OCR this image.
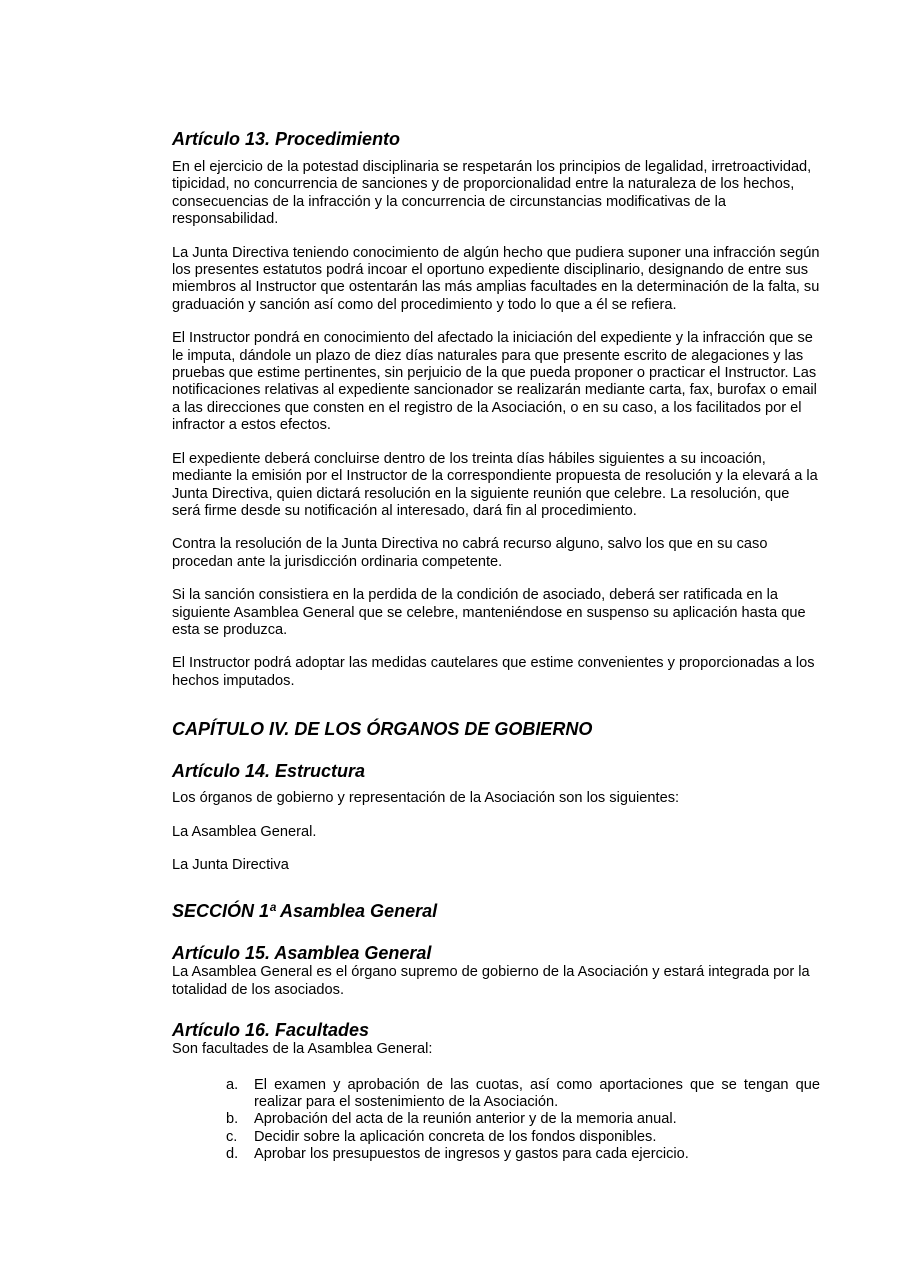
Artículo 13. Procedimiento

En el ejercicio de la potestad disciplinaria se respetarán los principios de legalidad, irretroactividad, tipicidad, no concurrencia de sanciones y de proporcionalidad entre la naturaleza de los hechos, consecuencias de la infracción y la concurrencia de circunstancias modificativas de la responsabilidad.

La Junta Directiva teniendo conocimiento de algún hecho que pudiera suponer una infracción según los presentes estatutos podrá incoar el oportuno expediente disciplinario, designando de entre sus miembros al Instructor que ostentarán las más amplias facultades en la determinación de la falta, su graduación y sanción así como del procedimiento y todo lo que a él se refiera.

El Instructor pondrá en conocimiento del afectado la iniciación del expediente y la infracción que se le imputa, dándole un plazo de diez días naturales para que presente escrito de alegaciones y las pruebas que estime pertinentes, sin perjuicio de la que pueda proponer o practicar el Instructor. Las notificaciones relativas al expediente sancionador se realizarán mediante carta, fax, burofax o email a las direcciones que consten en el registro de la Asociación, o en su caso, a los facilitados por el infractor a estos efectos.

El expediente deberá concluirse dentro de los treinta días hábiles siguientes a su incoación, mediante la emisión por el Instructor de la correspondiente propuesta de resolución y la elevará a la Junta Directiva, quien dictará resolución en la siguiente reunión que celebre. La resolución, que será firme desde su notificación al interesado, dará fin al procedimiento.

Contra la resolución de la Junta Directiva no cabrá recurso alguno, salvo los que en su caso procedan ante la jurisdicción ordinaria competente.

Si la sanción consistiera en la perdida de la condición de asociado, deberá ser ratificada en la siguiente Asamblea General que se celebre, manteniéndose en suspenso su aplicación hasta que esta se produzca.

El Instructor podrá adoptar las medidas cautelares que estime convenientes y proporcionadas a los hechos imputados.

CAPÍTULO IV. DE LOS ÓRGANOS DE GOBIERNO
Artículo 14. Estructura

Los órganos de gobierno y representación de la Asociación son los siguientes:

La Asamblea General.

La Junta Directiva

SECCIÓN 1ª Asamblea General
Artículo 15. Asamblea General

La Asamblea General es el órgano supremo de gobierno de la Asociación y estará integrada por la totalidad de los asociados.

Artículo 16. Facultades

Son facultades de la Asamblea General:

a. El examen y aprobación de las cuotas, así como aportaciones que se tengan que realizar para el sostenimiento de la Asociación.
b. Aprobación del acta de la reunión anterior y de la memoria anual.
c. Decidir sobre la aplicación concreta de los fondos disponibles.
d. Aprobar los presupuestos de ingresos y gastos para cada ejercicio.
